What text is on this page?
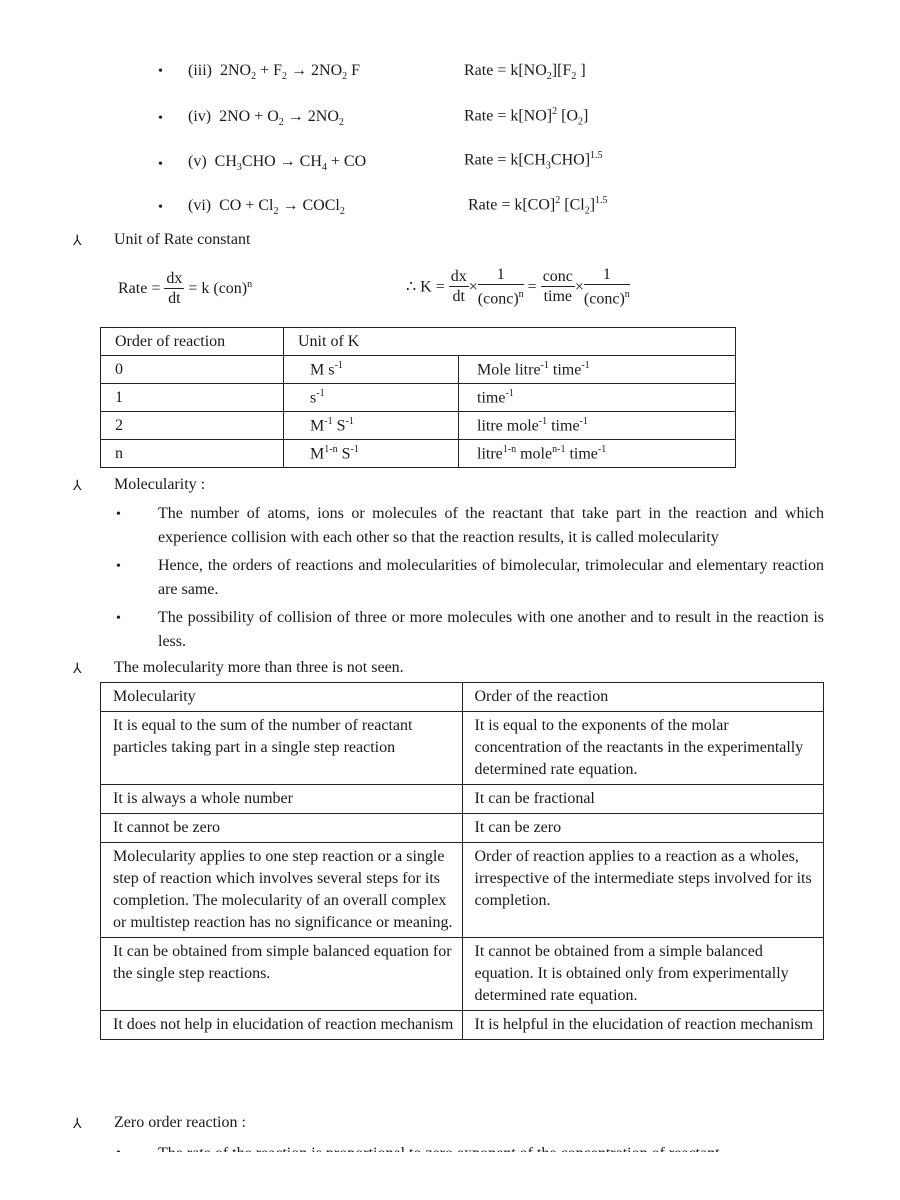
• (iii) $2NO_2 + F_2 \to 2NO_2$ F	Rate = $k[NO_2][F_2$ ]
• (iv) $2NO + O_2 \to 2NO_2$	Rate = k[NO]$^2$ $[O_2]$
• (v) $CH_3CHO \to CH_4$ + CO	Rate = $k[CH_3CHO]^{1.5}$
• (vi) CO + $Cl_2$ → COCl$_2$	Rate = k[CO]$^2$ $[Cl_2]^{1.5}$
⅄ Unit of Rate constant
Rate = $\frac{dx}{dt} = k$ (con)$^n$	∴ $K = \frac{dx}{dt} \times \frac{1}{(conc)^n} = \frac{\text{conc}}{\text{time}} \times \frac{1}{(conc)^n}$
Order of reaction	Unit of K	
0	M $s^{-1}$	Mole litre$^{-1}$ time$^{-1}$
1	$s^{-1}$	time$^{-1}$
2	$M^{-1}$ $S^{-1}$	litre mole$^{-1}$ time$^{-1}$
n	$M^{1-n}$ $S^{-1}$	litre$^{1-n}$ mole$^{n-1}$ time$^{-1}$
⅄ Molecularity :
• The number of atoms, ions or molecules of the reactant that take part in the reaction and which experience collision with each other so that the reaction results, it is called molecularity
• Hence, the orders of reactions and molecularities of bimolecular, trimolecular and elementary reaction are same.
• The possibility of collision of three or more molecules with one another and to result in the reaction is less.
⅄ The molecularity more than three is not seen.
Molecularity	Order of the reaction
It is equal to the sum of the number of reactant particles taking part in a single step reaction	It is equal to the exponents of the molar concentration of the reactants in the experimentally determined rate equation.
It is always a whole number	It can be fractional
It cannot be zero	It can be zero
Molecularity applies to one step reaction or a single step of reaction which involves several steps for its completion. The molecularity of an overall complex or multistep reaction has no significance or meaning.	Order of reaction applies to a reaction as a wholes, irrespective of the intermediate steps involved for its completion.
It can be obtained from simple balanced equation for the single step reactions.	It cannot be obtained from a simple balanced equation. It is obtained only from experimentally determined rate equation.
It does not help in elucidation of reaction mechanism	It is helpful in the elucidation of reaction mechanism
⅄ Zero order reaction :
